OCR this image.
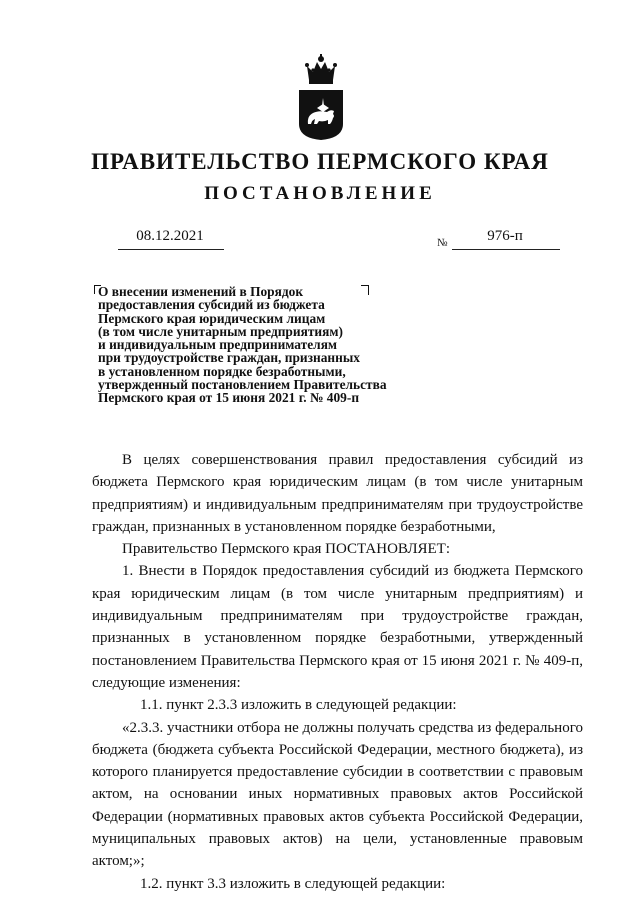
ПРАВИТЕЛЬСТВО ПЕРМСКОГО КРАЯ
ПОСТАНОВЛЕНИЕ
08.12.2021	№	976-п
О внесении изменений в Порядок
предоставления субсидий из бюджета
Пермского края юридическим лицам
(в том числе унитарным предприятиям)
и индивидуальным предпринимателям
при трудоустройстве граждан, признанных
в установленном порядке безработными,
утвержденный постановлением Правительства
Пермского края от 15 июня 2021 г. № 409-п

В целях совершенствования правил предоставления субсидий из бюджета Пермского края юридическим лицам (в том числе унитарным предприятиям) и индивидуальным предпринимателям при трудоустройстве граждан, признанных в установленном порядке безработными,

Правительство Пермского края ПОСТАНОВЛЯЕТ:

1. Внести в Порядок предоставления субсидий из бюджета Пермского края юридическим лицам (в том числе унитарным предприятиям) и индивидуальным предпринимателям при трудоустройстве граждан, признанных в установленном порядке безработными, утвержденный постановлением Правительства Пермского края от 15 июня 2021 г. № 409-п, следующие изменения:

1.1. пункт 2.3.3 изложить в следующей редакции:

«2.3.3. участники отбора не должны получать средства из федерального бюджета (бюджета субъекта Российской Федерации, местного бюджета), из которого планируется предоставление субсидии в соответствии с правовым актом, на основании иных нормативных правовых актов Российской Федерации (нормативных правовых актов субъекта Российской Федерации, муниципальных правовых актов) на цели, установленные правовым актом;»;

1.2. пункт 3.3 изложить в следующей редакции:
